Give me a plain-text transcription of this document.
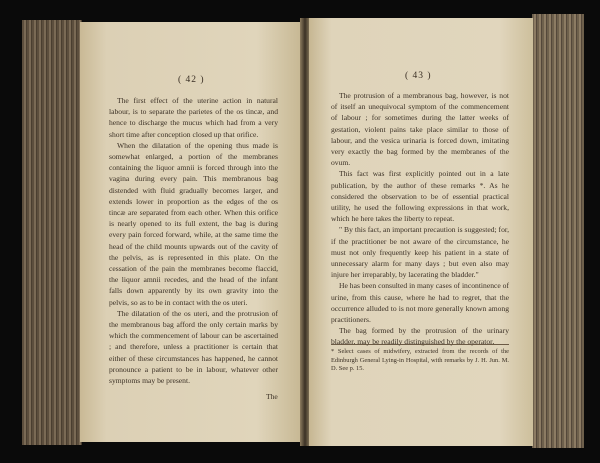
( 42 )

The first effect of the uterine action in natural labour, is to separate the parietes of the os tincæ, and hence to discharge the mucus which had from a very short time after conception closed up that orifice.

When the dilatation of the opening thus made is somewhat enlarged, a portion of the membranes containing the liquor amnii is forced through into the vagina during every pain. This membranous bag distended with fluid gradually becomes larger, and extends lower in proportion as the edges of the os tincæ are separated from each other. When this orifice is nearly opened to its full extent, the bag is during every pain forced forward, while, at the same time the head of the child mounts upwards out of the cavity of the pelvis, as is represented in this plate. On the cessation of the pain the membranes become flaccid, the liquor amnii recedes, and the head of the infant falls down apparently by its own gravity into the pelvis, so as to be in contact with the os uteri.

The dilatation of the os uteri, and the protrusion of the membranous bag afford the only certain marks by which the commencement of labour can be ascertained ; and therefore, unless a practitioner is certain that either of these circumstances has happened, he cannot pronounce a patient to be in labour, whatever other symptoms may be present.

The
( 43 )

The protrusion of a membranous bag, however, is not of itself an unequivocal symptom of the commencement of labour ; for sometimes during the latter weeks of gestation, violent pains take place similar to those of labour, and the vesica urinaria is forced down, imitating very exactly the bag formed by the membranes of the ovum.

This fact was first explicitly pointed out in a late publication, by the author of these remarks *. As he considered the observation to be of essential practical utility, he used the following expressions in that work, which he here takes the liberty to repeat.

" By this fact, an important precaution is suggested; for, if the practitioner be not aware of the circumstance, he must not only frequently keep his patient in a state of unnecessary alarm for many days ; but even also may injure her irreparably, by lacerating the bladder."

He has been consulted in many cases of incontinence of urine, from this cause, where he had to regret, that the occurrence alluded to is not more generally known among practitioners.

The bag formed by the protrusion of the urinary bladder, may be readily distinguished by the operator,

* Select cases of midwifery, extracted from the records of the Edinburgh General Lying-in Hospital, with remarks by J. H. Jun. M. D. See p. 15.
